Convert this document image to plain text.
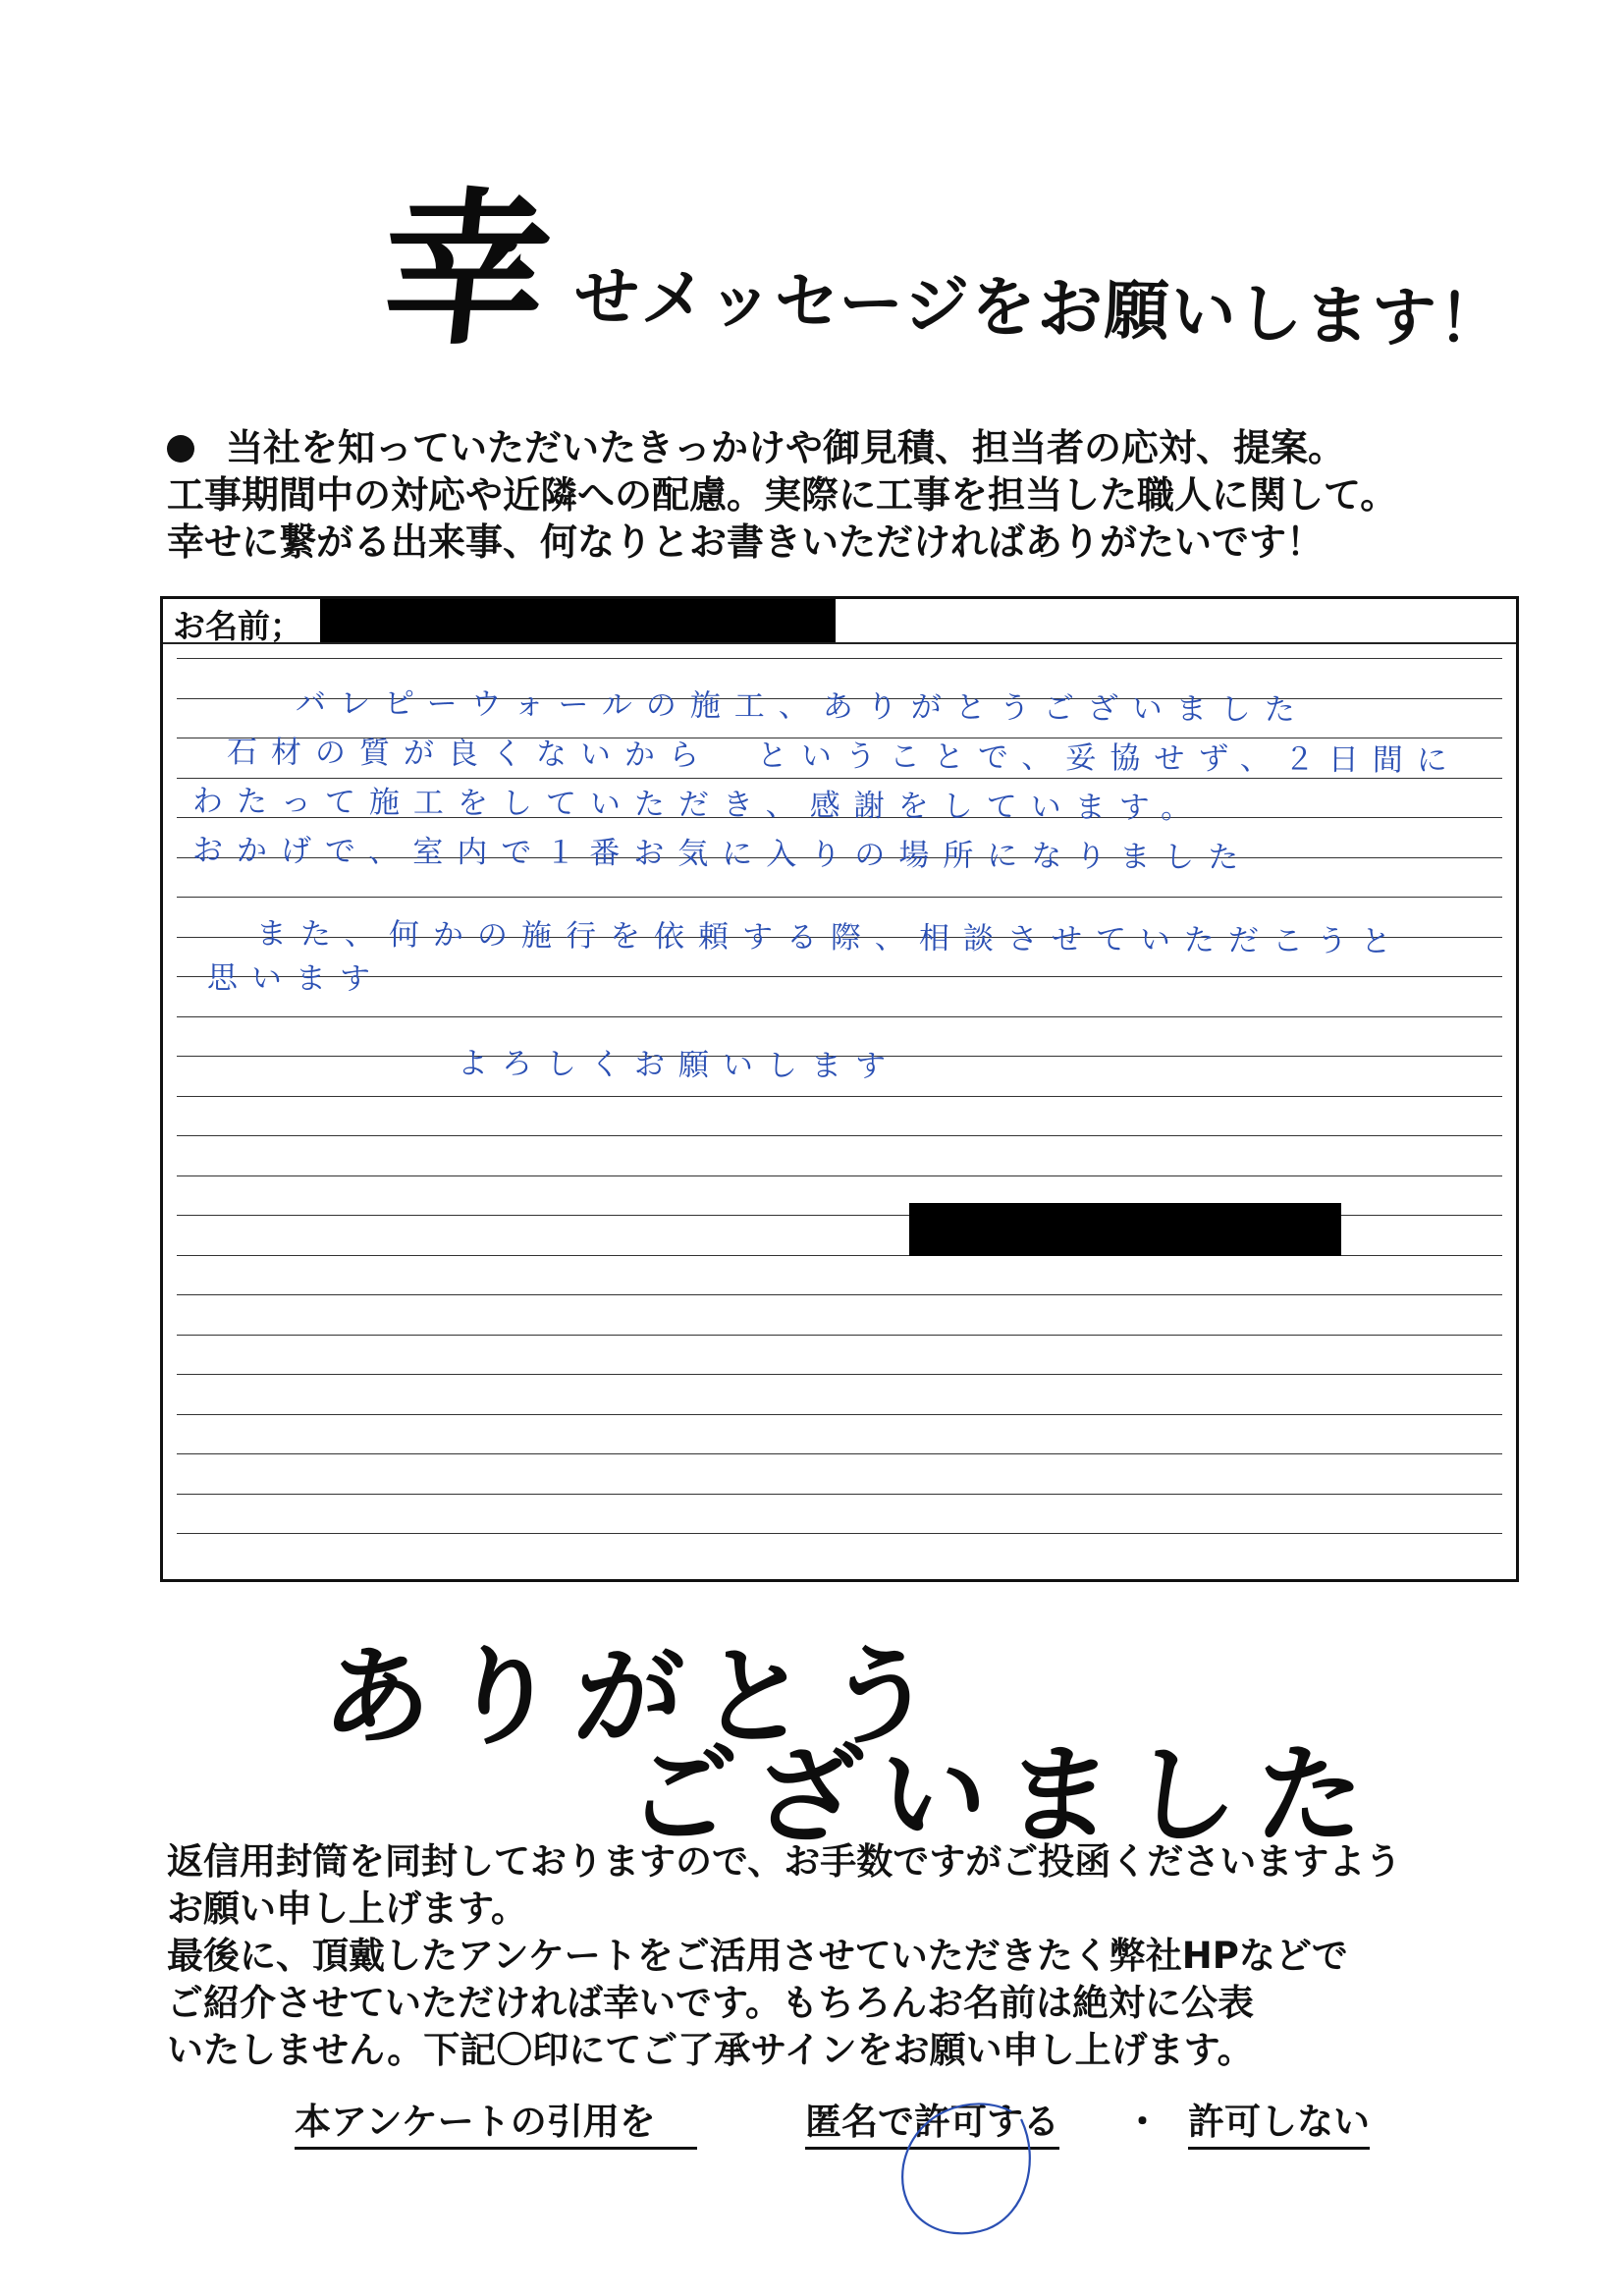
幸 せメッセージをお願いします！
当社を知っていただいたきっかけや御見積、担当者の応対、提案。
工事期間中の対応や近隣への配慮。実際に工事を担当した職人に関して。
幸せに繋がる出来事、何なりとお書きいただければありがたいです！
お名前；
バレピーウォールの施工、ありがとうございました
石材の質が良くないから　ということで、妥協せず、２日間に
わたって施工をしていただき、感謝をしています。
おかげで、室内で１番お気に入りの場所になりました
また、何かの施行を依頼する際、相談させていただこうと
思います
よろしくお願いします
ありがとう
ございました
返信用封筒を同封しておりますので、お手数ですがご投函くださいますよう
お願い申し上げます。
最後に、頂戴したアンケートをご活用させていただきたく弊社HPなどで
ご紹介させていただければ幸いです。もちろんお名前は絶対に公表
いたしません。下記〇印にてご了承サインをお願い申し上げます。
本アンケートの引用を	匿名で許可する ・ 許可しない
